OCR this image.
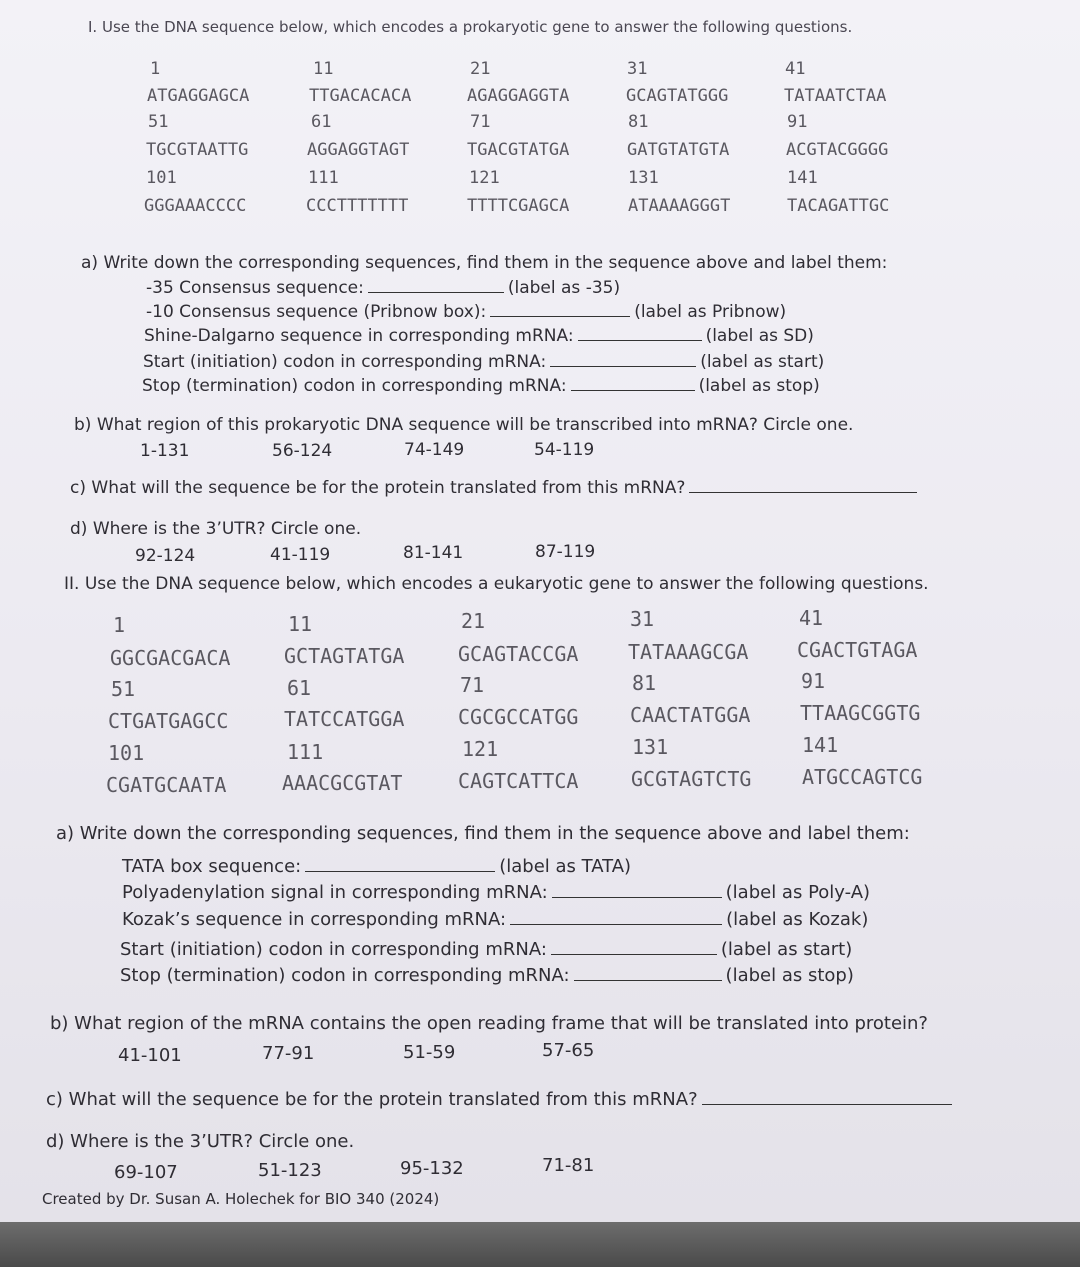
I. Use the DNA sequence below, which encodes a prokaryotic gene to answer the following questions.
1	11	21	31	41
ATGAGGAGCA	TTGACACACA	AGAGGAGGTA	GCAGTATGGG	TATAATCTAA
51	61	71	81	91
TGCGTAATTG	AGGAGGTAGT	TGACGTATGA	GATGTATGTA	ACGTACGGGG
101	111	121	131	141
GGGAAACCCC	CCCTTTTTTT	TTTTCGAGCA	ATAAAAGGGT	TACAGATTGC
a) Write down the corresponding sequences, find them in the sequence above and label them:
-35 Consensus sequence:	(label as -35)
-10 Consensus sequence (Pribnow box):	(label as Pribnow)
Shine-Dalgarno sequence in corresponding mRNA:	(label as SD)
Start (initiation) codon in corresponding mRNA:	(label as start)
Stop (termination) codon in corresponding mRNA:	(label as stop)
b) What region of this prokaryotic DNA sequence will be transcribed into mRNA? Circle one.
1-131	56-124	74-149	54-119
c) What will the sequence be for the protein translated from this mRNA?
d) Where is the 3’UTR? Circle one.
92-124	41-119	81-141	87-119
II. Use the DNA sequence below, which encodes a eukaryotic gene to answer the following questions.
1	11	21	31	41
GGCGACGACA	GCTAGTATGA	GCAGTACCGA TATAAAGCGA CGACTGTAGA
51	61	71	81	91
CTGATGAGCC	TATCCATGGA	CGCGCCATGG	CAACTATGGA TTAAGCGGTG
101	111	121	131	141
CGATGCAATA	AAACGCGTAT	CAGTCATTCA	GCGTAGTCTG	ATGCCAGTCG
a) Write down the corresponding sequences, find them in the sequence above and label them:
TATA box sequence:	(label as TATA)
Polyadenylation signal in corresponding mRNA:	(label as Poly-A)
Kozak’s sequence in corresponding mRNA:	(label as Kozak)
Start (initiation) codon in corresponding mRNA:	(label as start)
Stop (termination) codon in corresponding mRNA:	(label as stop)
b) What region of the mRNA contains the open reading frame that will be translated into protein?
41-101	77-91	51-59	57-65
c) What will the sequence be for the protein translated from this mRNA?
d) Where is the 3’UTR? Circle one.
69-107	51-123	95-132	71-81
Created by Dr. Susan A. Holechek for BIO 340 (2024)
